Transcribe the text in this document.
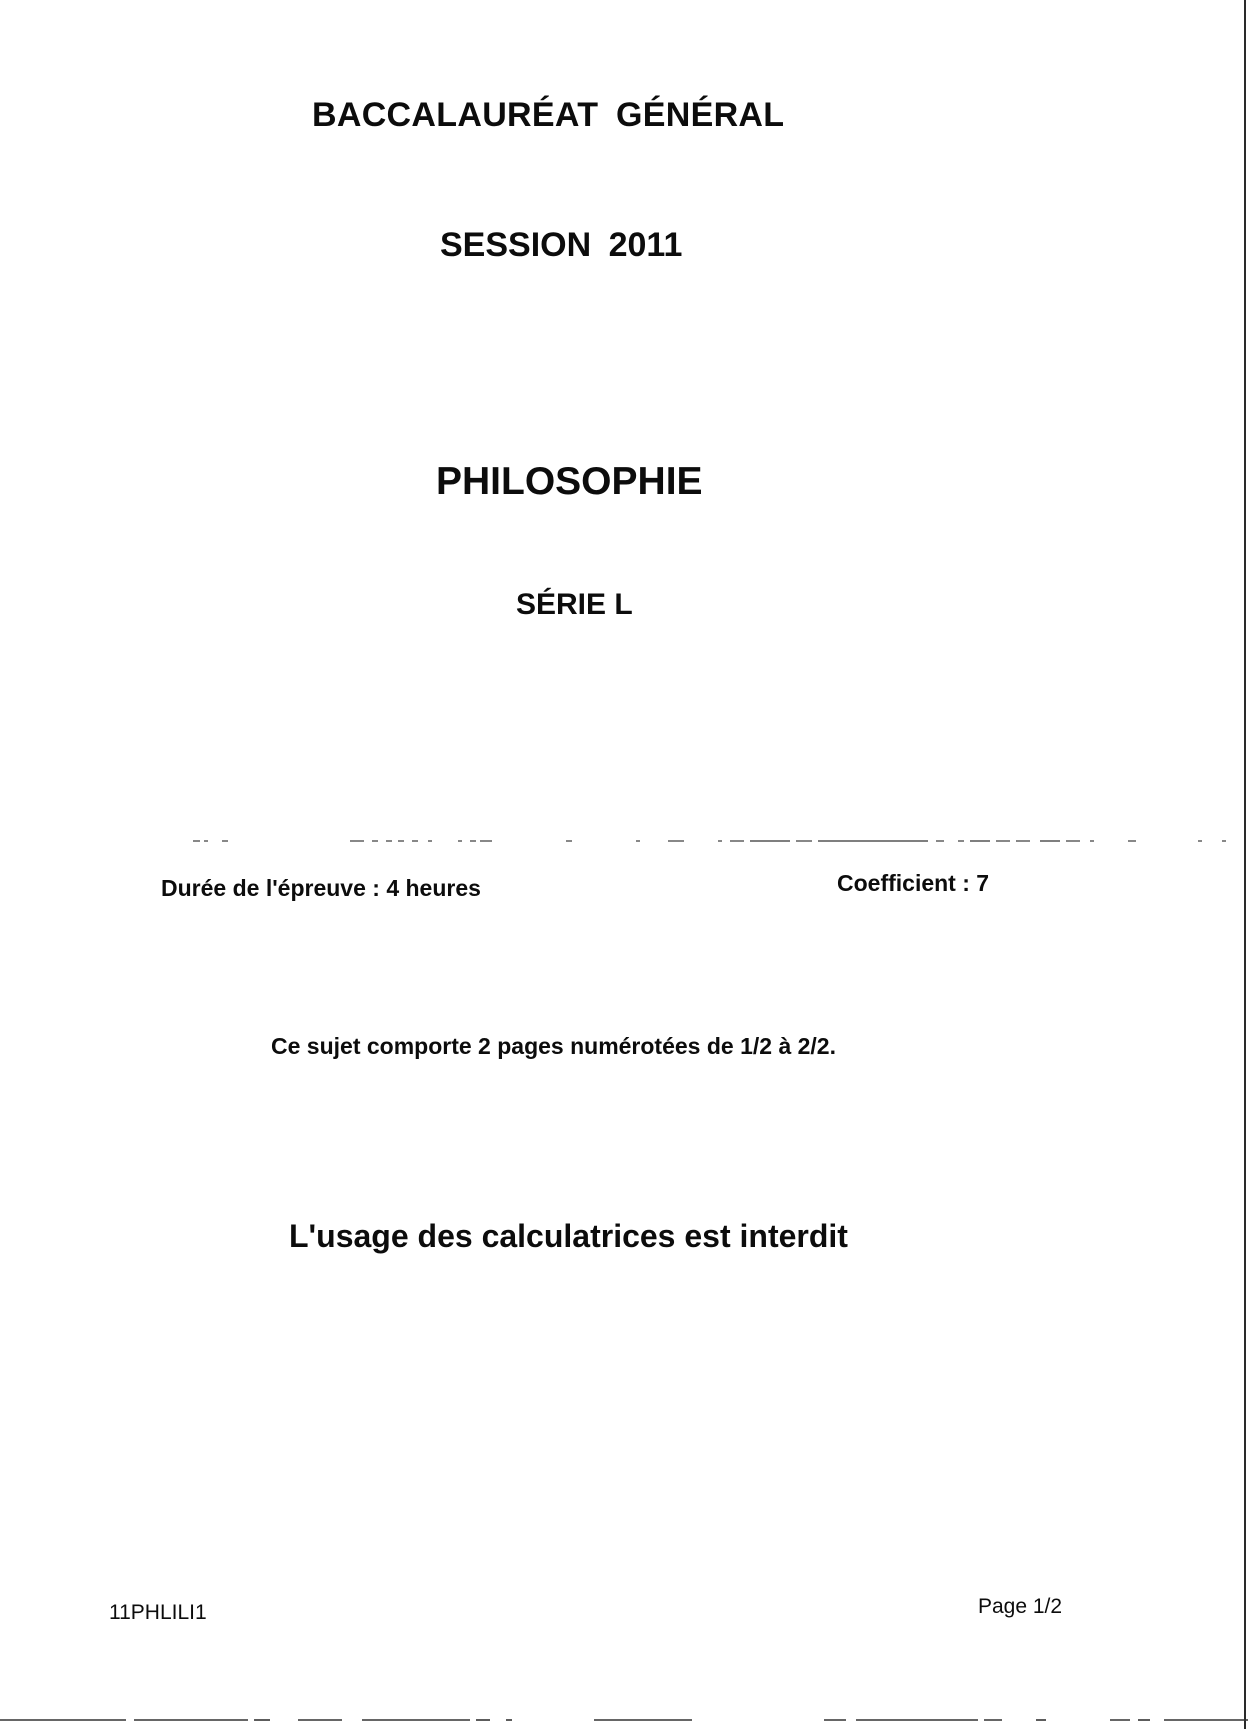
BACCALAURÉAT GÉNÉRAL
SESSION 2011
PHILOSOPHIE
SÉRIE L
Durée de l'épreuve : 4 heures	Coefficient : 7
Ce sujet comporte 2 pages numérotées de 1/2 à 2/2.
L'usage des calculatrices est interdit
11PHLILI1	Page 1/2
